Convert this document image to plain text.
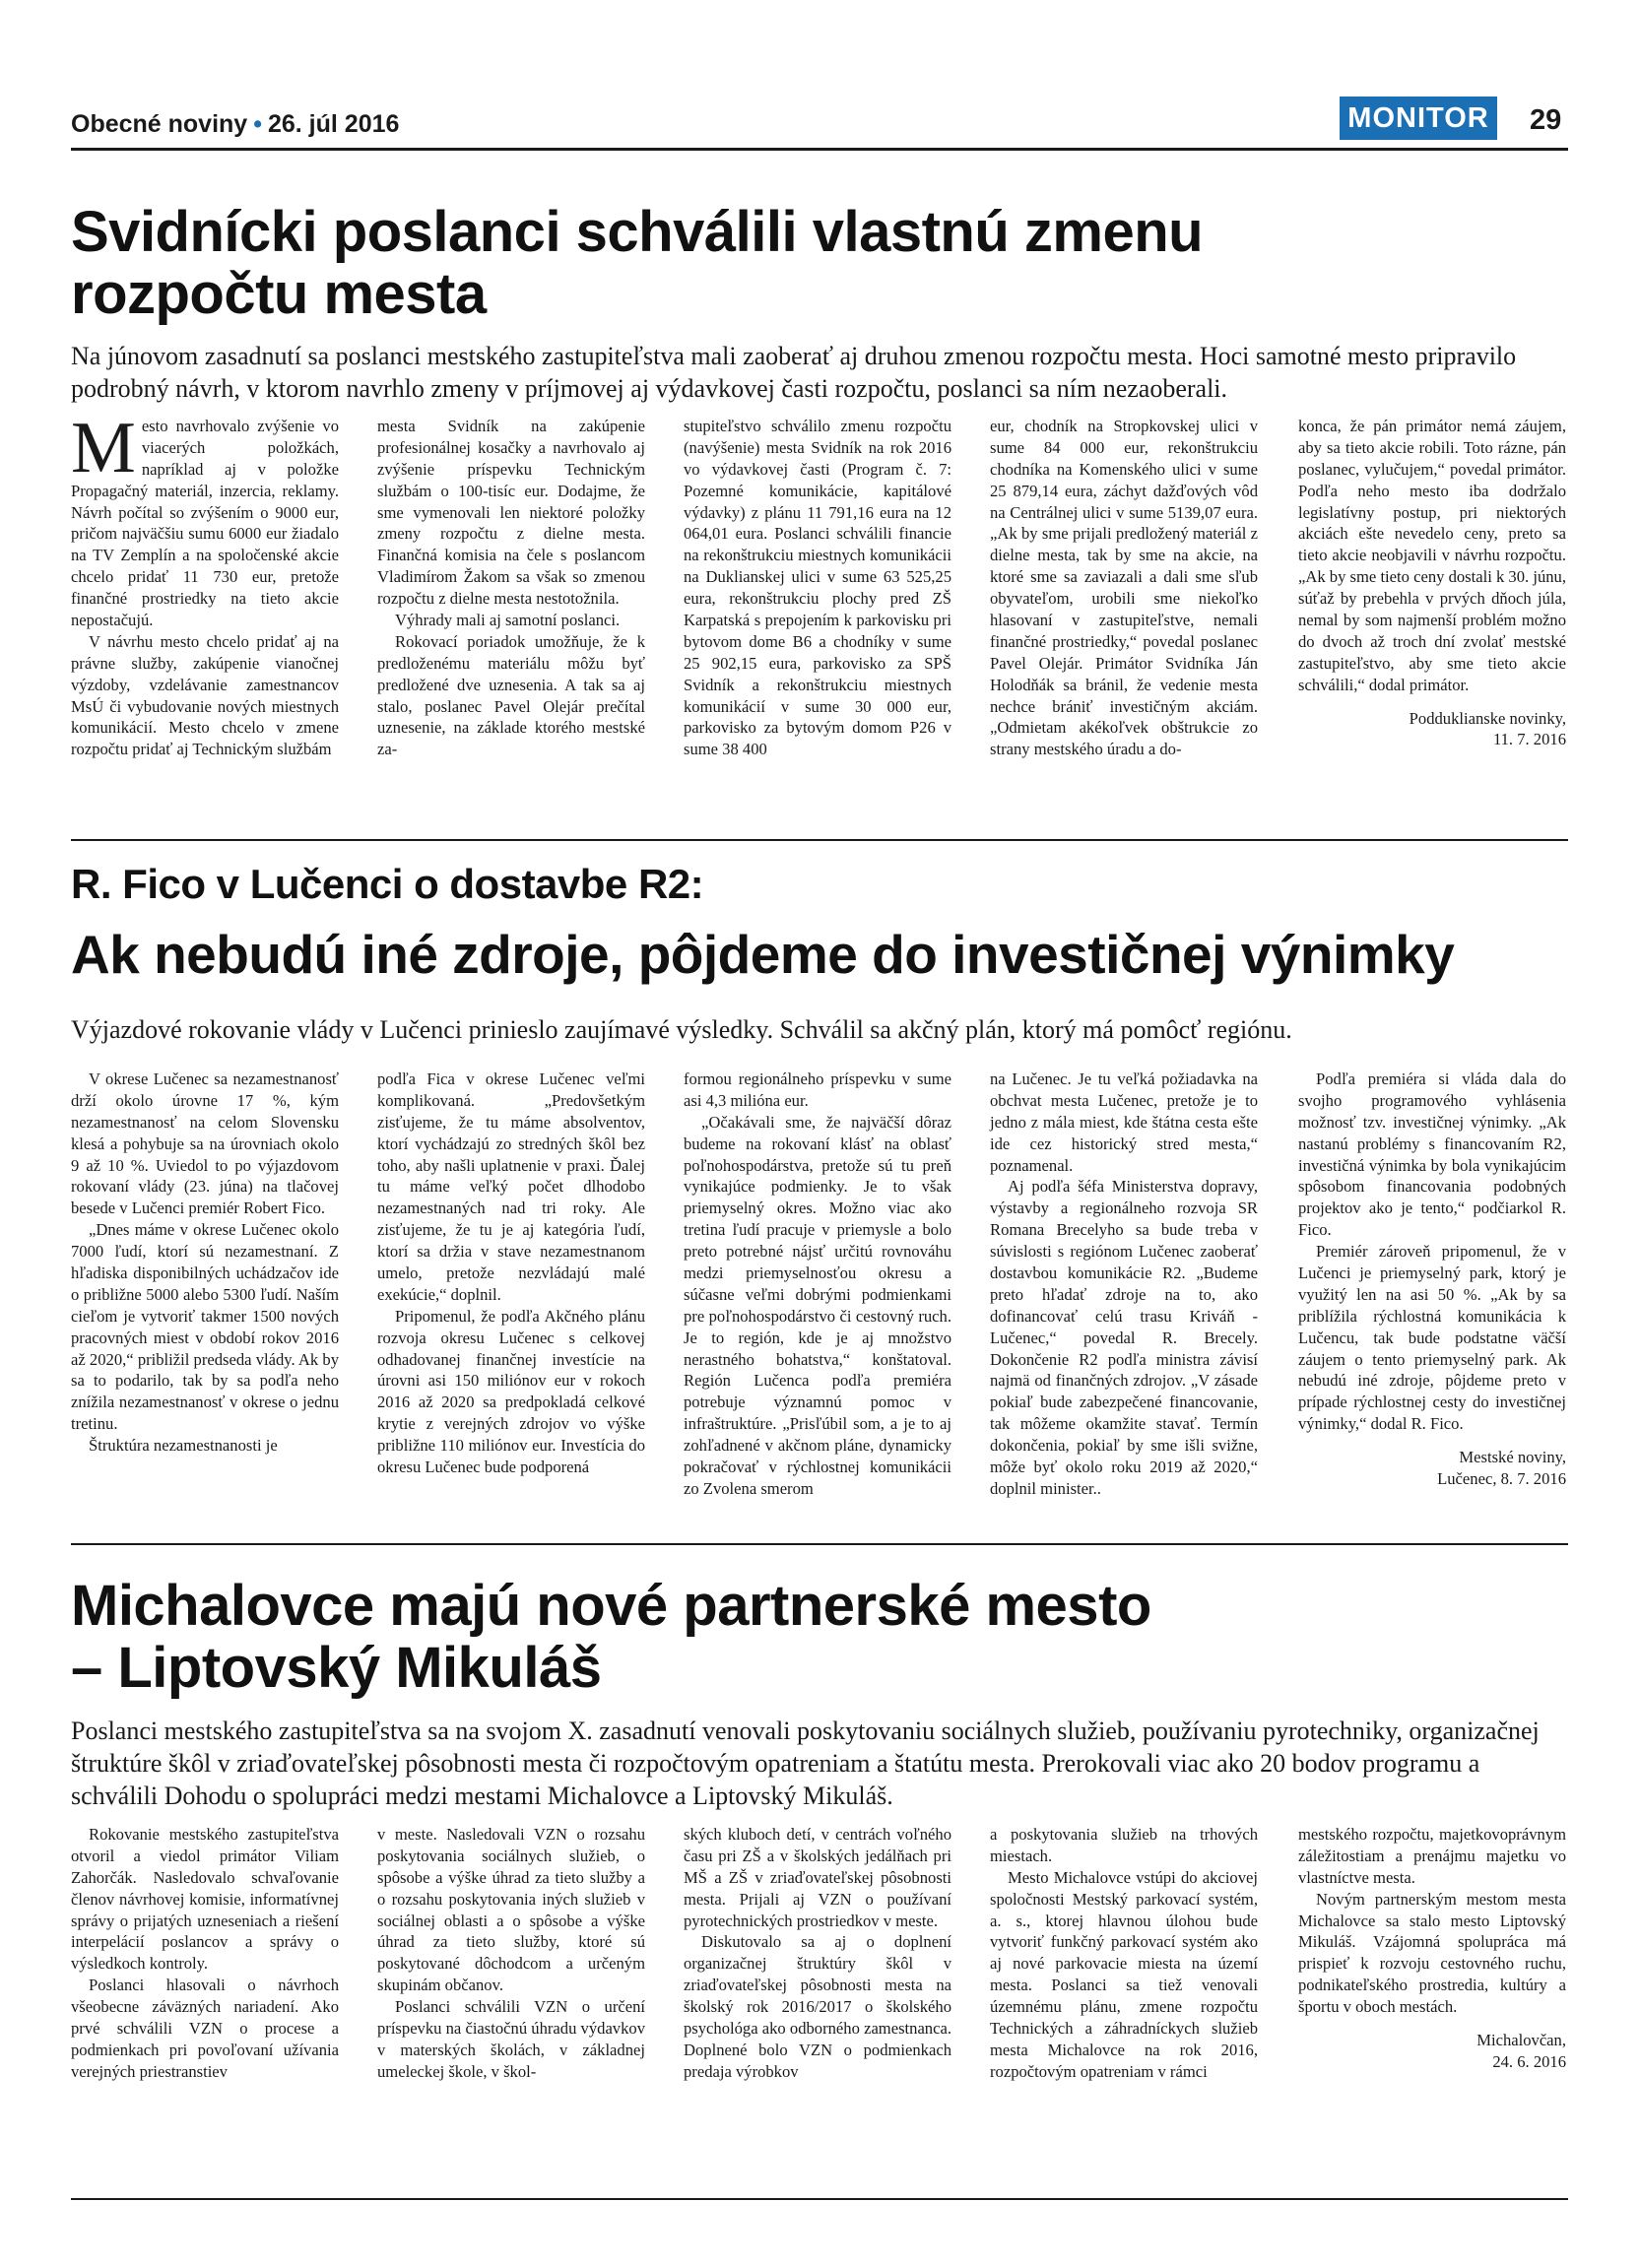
Obecné noviny • 26. júl 2016	MONITOR 29
Svidnícki poslanci schválili vlastnú zmenu
rozpočtu mesta
Na júnovom zasadnutí sa poslanci mestského zastupiteľstva mali zaoberať aj druhou zmenou rozpočtu mesta. Hoci samotné mesto pripravilo podrobný návrh, v ktorom navrhlo zmeny v príjmovej aj výdavkovej časti rozpočtu, poslanci sa ním nezaoberali.

Mesto navrhovalo zvýšenie vo viacerých položkách, napríklad aj v položke Propagačný materiál, inzercia, reklamy. Návrh počítal so zvýšením o 9000 eur, pričom najväčšiu sumu 6000 eur žiadalo na TV Zemplín a na spoločenské akcie chcelo pridať 11 730 eur, pretože finančné prostriedky na tieto akcie nepostačujú.

V návrhu mesto chcelo pridať aj na právne služby, zakúpenie vianočnej výzdoby, vzdelávanie zamestnancov MsÚ či vybudovanie nových miestnych komunikácií. Mesto chcelo v zmene rozpočtu pridať aj Technickým službám

mesta Svidník na zakúpenie profesionálnej kosačky a navrhovalo aj zvýšenie príspevku Technickým službám o 100-tisíc eur. Dodajme, že sme vymenovali len niektoré položky zmeny rozpočtu z dielne mesta. Finančná komisia na čele s poslancom Vladimírom Žakom sa však so zmenou rozpočtu z dielne mesta nestotožnila.

Výhrady mali aj samotní poslanci.

Rokovací poriadok umožňuje, že k predloženému materiálu môžu byť predložené dve uznesenia. A tak sa aj stalo, poslanec Pavel Olejár prečítal uznesenie, na základe ktorého mestské za-

stupiteľstvo schválilo zmenu rozpočtu (navýšenie) mesta Svidník na rok 2016 vo výdavkovej časti (Program č. 7: Pozemné komunikácie, kapitálové výdavky) z plánu 11 791,16 eura na 12 064,01 eura. Poslanci schválili financie na rekonštrukciu miestnych komunikácii na Duklianskej ulici v sume 63 525,25 eura, rekonštrukciu plochy pred ZŠ Karpatská s prepojením k parkovisku pri bytovom dome B6 a chodníky v sume 25 902,15 eura, parkovisko za SPŠ Svidník a rekonštrukciu miestnych komunikácií v sume 30 000 eur, parkovisko za bytovým domom P26 v sume 38 400

eur, chodník na Stropkovskej ulici v sume 84 000 eur, rekonštrukciu chodníka na Komenského ulici v sume 25 879,14 eura, záchyt dažďových vôd na Centrálnej ulici v sume 5139,07 eura. „Ak by sme prijali predložený materiál z dielne mesta, tak by sme na akcie, na ktoré sme sa zaviazali a dali sme sľub obyvateľom, urobili sme niekoľko hlasovaní v zastupiteľstve, nemali finančné prostriedky,“ povedal poslanec Pavel Olejár. Primátor Svidníka Ján Holodňák sa bránil, že vedenie mesta nechce brániť investičným akciám. „Odmietam akékoľvek obštrukcie zo strany mestského úradu a do-

konca, že pán primátor nemá záujem, aby sa tieto akcie robili. Toto rázne, pán poslanec, vylučujem,“ povedal primátor. Podľa neho mesto iba dodržalo legislatívny postup, pri niektorých akciách ešte nevedelo ceny, preto sa tieto akcie neobjavili v návrhu rozpočtu. „Ak by sme tieto ceny dostali k 30. júnu, súťaž by prebehla v prvých dňoch júla, nemal by som najmenší problém možno do dvoch až troch dní zvolať mestské zastupiteľstvo, aby sme tieto akcie schválili,“ dodal primátor.

Podduklianske novinky,
11. 7. 2016

R. Fico v Lučenci o dostavbe R2:
Ak nebudú iné zdroje, pôjdeme do investičnej výnimky
Výjazdové rokovanie vlády v Lučenci prinieslo zaujímavé výsledky. Schválil sa akčný plán, ktorý má pomôcť regiónu.

V okrese Lučenec sa nezamestnanosť drží okolo úrovne 17 %, kým nezamestnanosť na celom Slovensku klesá a pohybuje sa na úrovniach okolo 9 až 10 %. Uviedol to po výjazdovom rokovaní vlády (23. júna) na tlačovej besede v Lučenci premiér Robert Fico.

„Dnes máme v okrese Lučenec okolo 7000 ľudí, ktorí sú nezamestnaní. Z hľadiska disponibilných uchádzačov ide o približne 5000 alebo 5300 ľudí. Naším cieľom je vytvoriť takmer 1500 nových pracovných miest v období rokov 2016 až 2020,“ približil predseda vlády. Ak by sa to podarilo, tak by sa podľa neho znížila nezamestnanosť v okrese o jednu tretinu.

Štruktúra nezamestnanosti je

podľa Fica v okrese Lučenec veľmi komplikovaná. „Predovšetkým zisťujeme, že tu máme absolventov, ktorí vychádzajú zo stredných škôl bez toho, aby našli uplatnenie v praxi. Ďalej tu máme veľký počet dlhodobo nezamestnaných nad tri roky. Ale zisťujeme, že tu je aj kategória ľudí, ktorí sa držia v stave nezamestnanom umelo, pretože nezvládajú malé exekúcie,“ doplnil.

Pripomenul, že podľa Akčného plánu rozvoja okresu Lučenec s celkovej odhadovanej finančnej investície na úrovni asi 150 miliónov eur v rokoch 2016 až 2020 sa predpokladá celkové krytie z verejných zdrojov vo výške približne 110 miliónov eur. Investícia do okresu Lučenec bude podporená

formou regionálneho príspevku v sume asi 4,3 milióna eur.

„Očakávali sme, že najväčší dôraz budeme na rokovaní klásť na oblasť poľnohospodárstva, pretože sú tu preň vynikajúce podmienky. Je to však priemyselný okres. Možno viac ako tretina ľudí pracuje v priemysle a bolo preto potrebné nájsť určitú rovnováhu medzi priemyselnosťou okresu a súčasne veľmi dobrými podmienkami pre poľnohospodárstvo či cestovný ruch. Je to región, kde je aj množstvo nerastného bohatstva,“ konštatoval. Región Lučenca podľa premiéra potrebuje významnú pomoc v infraštruktúre. „Prisľúbil som, a je to aj zohľadnené v akčnom pláne, dynamicky pokračovať v rýchlostnej komunikácii zo Zvolena smerom

na Lučenec. Je tu veľká požiadavka na obchvat mesta Lučenec, pretože je to jedno z mála miest, kde štátna cesta ešte ide cez historický stred mesta,“ poznamenal.

Aj podľa šéfa Ministerstva dopravy, výstavby a regionálneho rozvoja SR Romana Brecelyho sa bude treba v súvislosti s regiónom Lučenec zaoberať dostavbou komunikácie R2. „Budeme preto hľadať zdroje na to, ako dofinancovať celú trasu Kriváň - Lučenec,“ povedal R. Brecely. Dokončenie R2 podľa ministra závisí najmä od finančných zdrojov. „V zásade pokiaľ bude zabezpečené financovanie, tak môžeme okamžite stavať. Termín dokončenia, pokiaľ by sme išli svižne, môže byť okolo roku 2019 až 2020,“ doplnil minister..

Podľa premiéra si vláda dala do svojho programového vyhlásenia možnosť tzv. investičnej výnimky. „Ak nastanú problémy s financovaním R2, investičná výnimka by bola vynikajúcim spôsobom financovania podobných projektov ako je tento,“ podčiarkol R. Fico.

Premiér zároveň pripomenul, že v Lučenci je priemyselný park, ktorý je využitý len na asi 50 %. „Ak by sa priblížila rýchlostná komunikácia k Lučencu, tak bude podstatne väčší záujem o tento priemyselný park. Ak nebudú iné zdroje, pôjdeme preto v prípade rýchlostnej cesty do investičnej výnimky,“ dodal R. Fico.

Mestské noviny,
Lučenec, 8. 7. 2016

Michalovce majú nové partnerské mesto
– Liptovský Mikuláš
Poslanci mestského zastupiteľstva sa na svojom X. zasadnutí venovali poskytovaniu sociálnych služieb, používaniu pyrotechniky, organizačnej štruktúre škôl v zriaďovateľskej pôsobnosti mesta či rozpočtovým opatreniam a štatútu mesta. Prerokovali viac ako 20 bodov programu a schválili Dohodu o spolupráci medzi mestami Michalovce a Liptovský Mikuláš.

Rokovanie mestského zastupiteľstva otvoril a viedol primátor Viliam Zahorčák. Nasledovalo schvaľovanie členov návrhovej komisie, informatívnej správy o prijatých uzneseniach a riešení interpelácií poslancov a správy o výsledkoch kontroly.

Poslanci hlasovali o návrhoch všeobecne záväzných nariadení. Ako prvé schválili VZN o procese a podmienkach pri povoľovaní užívania verejných priestranstiev

v meste. Nasledovali VZN o rozsahu poskytovania sociálnych služieb, o spôsobe a výške úhrad za tieto služby a o rozsahu poskytovania iných služieb v sociálnej oblasti a o spôsobe a výške úhrad za tieto služby, ktoré sú poskytované dôchodcom a určeným skupinám občanov.

Poslanci schválili VZN o určení príspevku na čiastočnú úhradu výdavkov v materských školách, v základnej umeleckej škole, v škol-

ských kluboch detí, v centrách voľného času pri ZŠ a v školských jedálňach pri MŠ a ZŠ v zriaďovateľskej pôsobnosti mesta. Prijali aj VZN o používaní pyrotechnických prostriedkov v meste.

Diskutovalo sa aj o doplnení organizačnej štruktúry škôl v zriaďovateľskej pôsobnosti mesta na školský rok 2016/2017 o školského psychológa ako odborného zamestnanca. Doplnené bolo VZN o podmienkach predaja výrobkov

a poskytovania služieb na trhových miestach.

Mesto Michalovce vstúpi do akciovej spoločnosti Mestský parkovací systém, a. s., ktorej hlavnou úlohou bude vytvoriť funkčný parkovací systém ako aj nové parkovacie miesta na území mesta. Poslanci sa tiež venovali územnému plánu, zmene rozpočtu Technických a záhradníckych služieb mesta Michalovce na rok 2016, rozpočtovým opatreniam v rámci

mestského rozpočtu, majetkovoprávnym záležitostiam a prenájmu majetku vo vlastníctve mesta.

Novým partnerským mestom mesta Michalovce sa stalo mesto Liptovský Mikuláš. Vzájomná spolupráca má prispieť k rozvoju cestovného ruchu, podnikateľského prostredia, kultúry a športu v oboch mestách.

Michalovčan,
24. 6. 2016
